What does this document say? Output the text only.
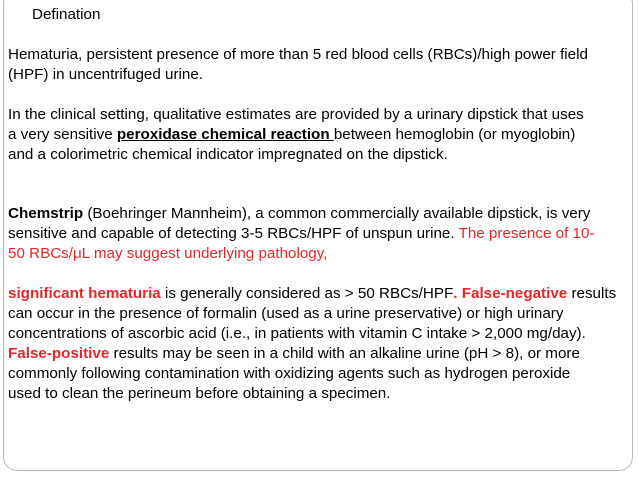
Defination
Hematuria, persistent presence of more than 5 red blood cells (RBCs)/high power field
(HPF) in uncentrifuged urine.
In the clinical setting, qualitative estimates are provided by a urinary dipstick that uses
a very sensitive peroxidase chemical reaction between hemoglobin (or myoglobin)
and a colorimetric chemical indicator impregnated on the dipstick.
Chemstrip (Boehringer Mannheim), a common commercially available dipstick, is very
sensitive and capable of detecting 3-5 RBCs/HPF of unspun urine. The presence of 10-
50 RBCs/μL may suggest underlying pathology,
significant hematuria is generally considered as > 50 RBCs/HPF. False-negative results
can occur in the presence of formalin (used as a urine preservative) or high urinary
concentrations of ascorbic acid (i.e., in patients with vitamin C intake > 2,000 mg/day).
False-positive results may be seen in a child with an alkaline urine (pH > 8), or more
commonly following contamination with oxidizing agents such as hydrogen peroxide
used to clean the perineum before obtaining a specimen.
